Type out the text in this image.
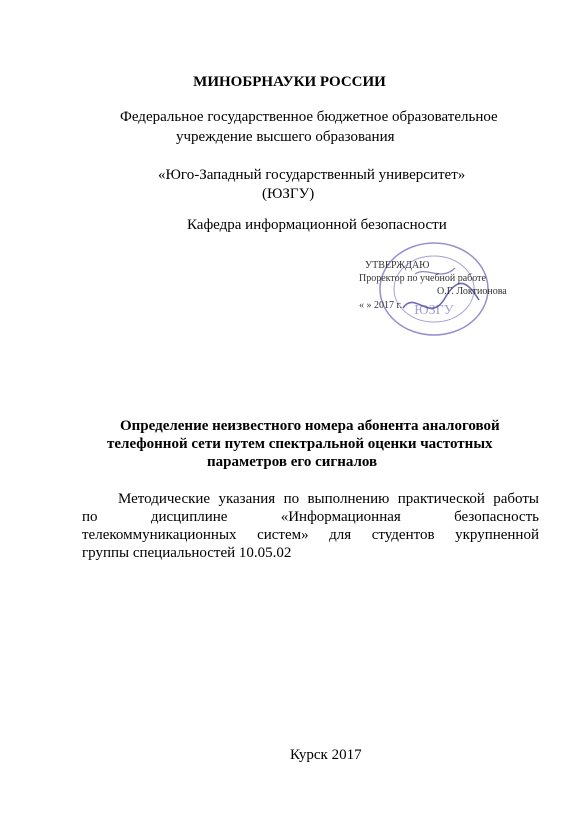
МИНОБРНАУКИ РОССИИ
Федеральное государственное бюджетное образовательное
учреждение высшего образования
«Юго-Западный государственный университет»
(ЮЗГУ)
Кафедра информационной безопасности
ЮЗГУ
УТВЕРЖДАЮ
Проректор по учебной работе
О.Г. Локтионова
« » 2017 г.
Определение неизвестного номера абонента аналоговой
телефонной сети путем спектральной оценки частотных
параметров его сигналов
Методические указания по выполнению практической работы
по дисциплине «Информационная безопасность
телекоммуникационных систем» для студентов укрупненной
группы специальностей 10.05.02
Курск 2017
